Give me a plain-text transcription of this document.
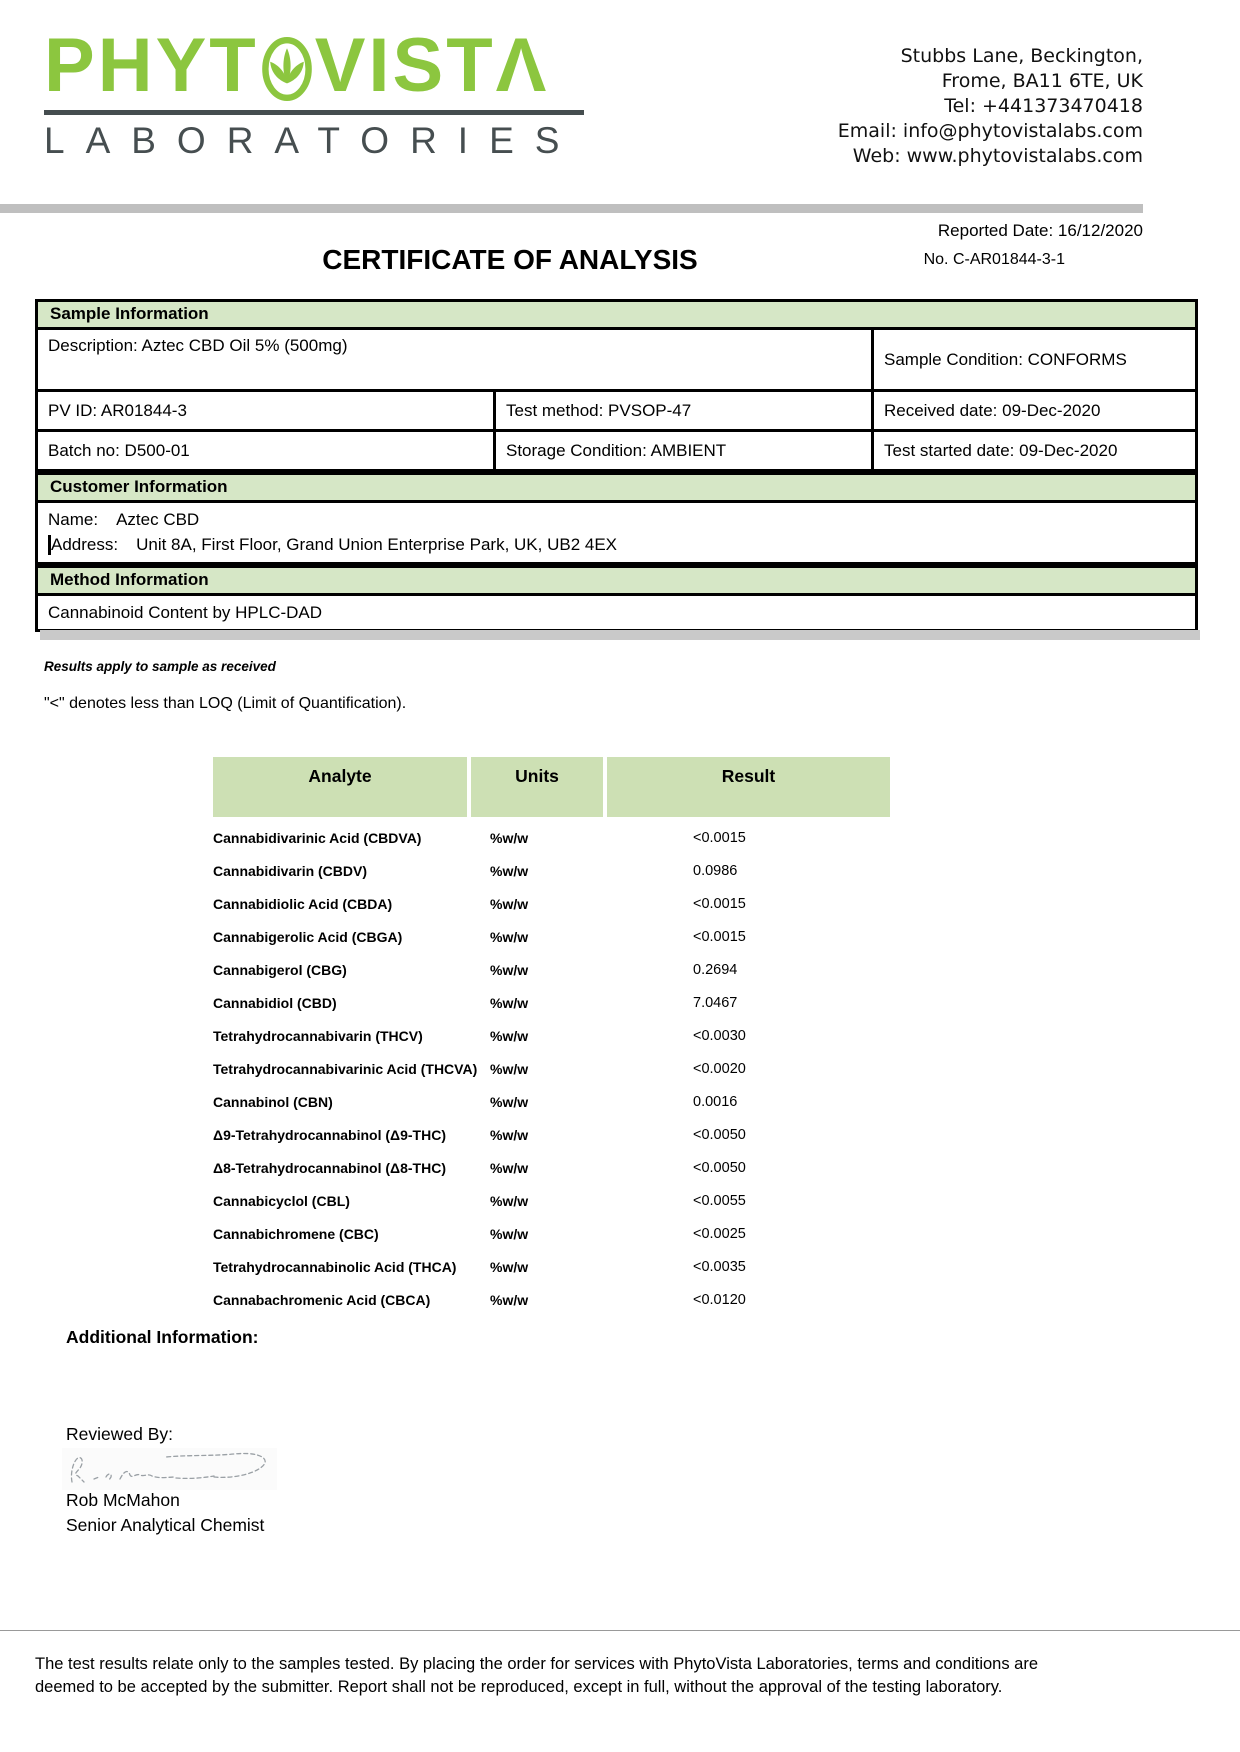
PHYT VISTΛ
LABORATORIES
Stubbs Lane, Beckington,
Frome, BA11 6TE, UK
Tel: +441373470418
Email: info@phytovistalabs.com
Web: www.phytovistalabs.com
Reported Date: 16/12/2020
CERTIFICATE OF ANALYSIS	No. C-AR01844-3-1
Sample Information
Description: Aztec CBD Oil 5% (500mg)
Sample Condition: CONFORMS
PV ID: AR01844-3	Test method: PVSOP-47	Received date: 09-Dec-2020
Batch no: D500-01	Storage Condition: AMBIENT	Test started date: 09-Dec-2020
Customer Information
Name: Aztec CBD
Address: Unit 8A, First Floor, Grand Union Enterprise Park, UK, UB2 4EX
Method Information
Cannabinoid Content by HPLC-DAD
Results apply to sample as received
"<" denotes less than LOQ (Limit of Quantification).
Analyte	Units	Result
Cannabidivarinic Acid (CBDVA)	%w/w	<0.0015
Cannabidivarin (CBDV)	%w/w	0.0986
Cannabidiolic Acid (CBDA)	%w/w	<0.0015
Cannabigerolic Acid (CBGA)	%w/w	<0.0015
Cannabigerol (CBG)	%w/w	0.2694
Cannabidiol (CBD)	%w/w	7.0467
Tetrahydrocannabivarin (THCV)	%w/w	<0.0030
Tetrahydrocannabivarinic Acid (THCVA) %w/w	<0.0020
Cannabinol (CBN)	%w/w	0.0016
Δ9-Tetrahydrocannabinol (Δ9-THC)	%w/w	<0.0050
Δ8-Tetrahydrocannabinol (Δ8-THC)	%w/w	<0.0050
Cannabicyclol (CBL)	%w/w	<0.0055
Cannabichromene (CBC)	%w/w	<0.0025
Tetrahydrocannabinolic Acid (THCA)	%w/w	<0.0035
Cannabachromenic Acid (CBCA)	%w/w	<0.0120
Additional Information:
Reviewed By:
Rob McMahon
Senior Analytical Chemist
The test results relate only to the samples tested. By placing the order for services with PhytoVista Laboratories, terms and conditions are
deemed to be accepted by the submitter. Report shall not be reproduced, except in full, without the approval of the testing laboratory.
